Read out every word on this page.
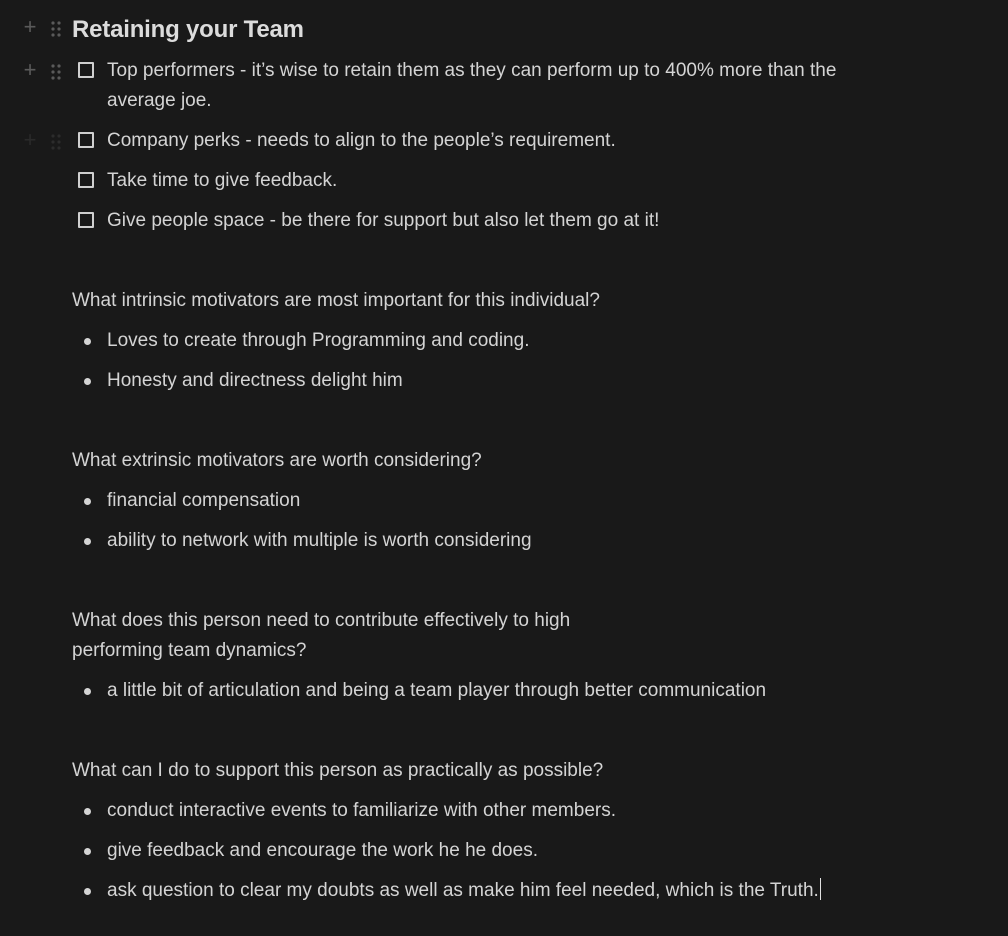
+ Retaining your Team
+	Top performers - it’s wise to retain them as they can perform up to 400% more than the
average joe.
+	Company perks - needs to align to the people’s requirement.
Take time to give feedback.
Give people space - be there for support but also let them go at it!
What intrinsic motivators are most important for this individual?
Loves to create through Programming and coding.
Honesty and directness delight him
What extrinsic motivators are worth considering?
financial compensation
ability to network with multiple is worth considering
What does this person need to contribute effectively to high
performing team dynamics?
a little bit of articulation and being a team player through better communication
What can I do to support this person as practically as possible?
conduct interactive events to familiarize with other members.
give feedback and encourage the work he he does.
ask question to clear my doubts as well as make him feel needed, which is the Truth.
